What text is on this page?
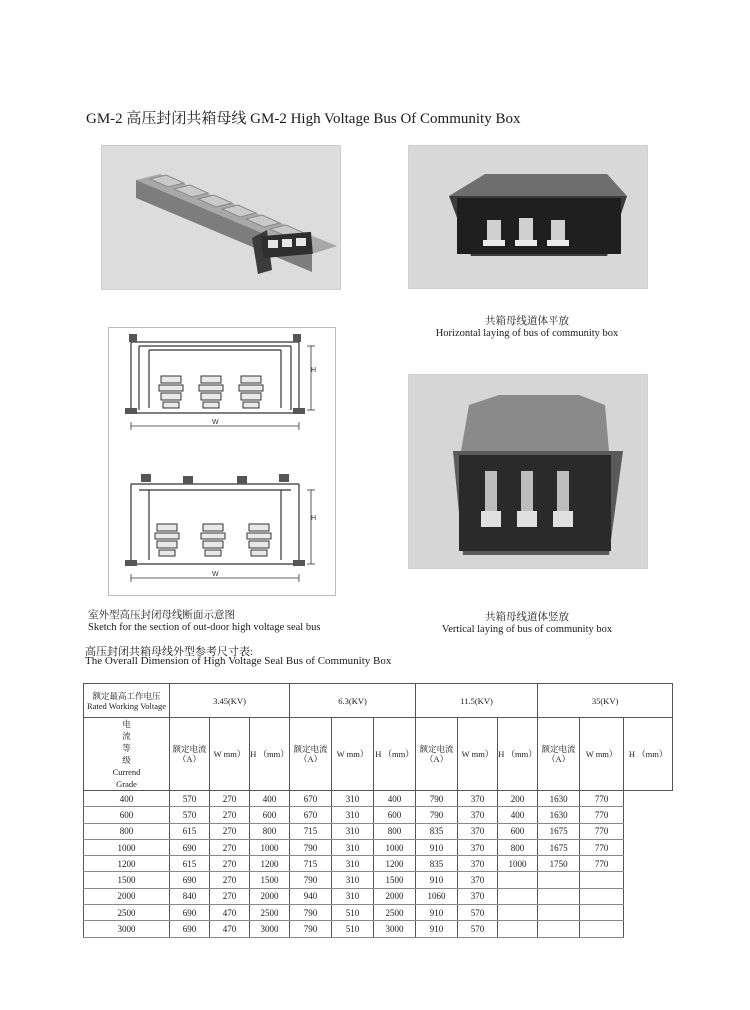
GM-2 高压封闭共箱母线 GM-2 High Voltage Bus Of Community Box
共箱母线道体平放
Horizontal laying of bus of community box
H
W
H
W
共箱母线道体竖放
Vertical laying of bus of community box
室外型高压封闭母线断面示意图
Sketch for the section of out-door high voltage seal bus
高压封闭共箱母线外型参考尺寸表:
The Overall Dimension of High Voltage Seal Bus of Community Box
额定最高工作电压
Rated Working Voltage	3.45(KV)			6.3(KV)			11.5(KV)			35(KV)		

电 流 等 级
Currend Grade	额定电流 （A）	W mm）	H （mm）	额定电流 （A）	W mm）	H （mm）	额定电流 （A）	W mm）	H （mm）	额定电流 （A）	W mm）	H （mm）
400	570	270	400	670	310	400	790	370	200	1630	770	
600	570	270	600	670	310	600	790	370	400	1630	770	
800	615	270	800	715	310	800	835	370	600	1675	770	
1000	690	270	1000	790	310	1000	910	370	800	1675	770	
1200	615	270	1200	715	310	1200	835	370	1000	1750	770	
1500	690	270	1500	790	310	1500	910	370				
2000	840	270	2000	940	310	2000	1060	370				
2500	690	470	2500	790	510	2500	910	570				
3000	690	470	3000	790	510	3000	910	570				
